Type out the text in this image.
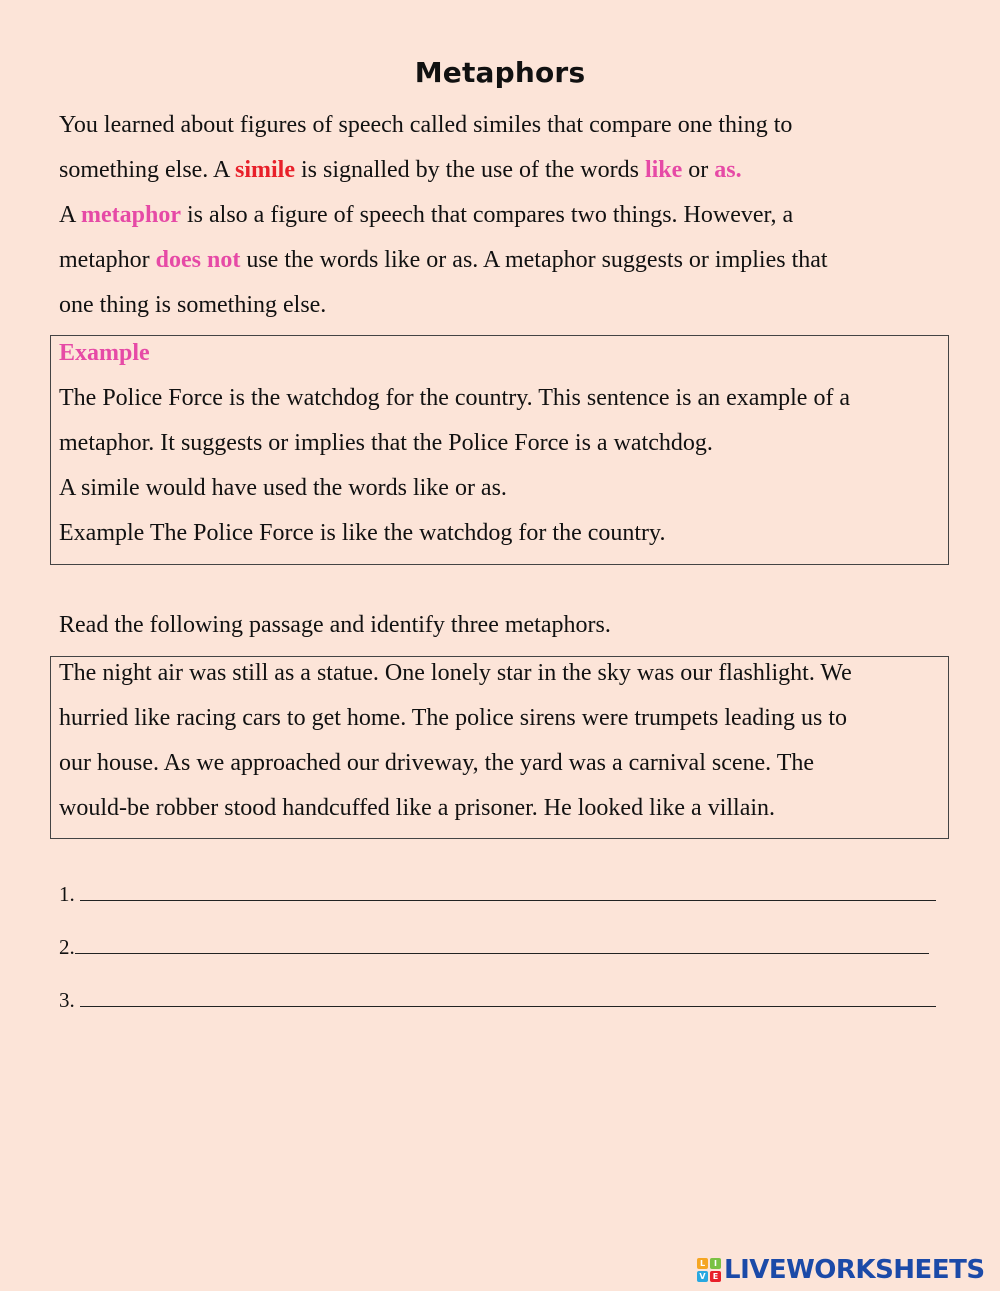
Metaphors
You learned about figures of speech called similes that compare one thing to
something else. A simile is signalled by the use of the words like or as.
A metaphor is also a figure of speech that compares two things. However, a
metaphor does not use the words like or as. A metaphor suggests or implies that
one thing is something else.
Example
The Police Force is the watchdog for the country. This sentence is an example of a
metaphor. It suggests or implies that the Police Force is a watchdog.
A simile would have used the words like or as.
Example The Police Force is like the watchdog for the country.
Read the following passage and identify three metaphors.
The night air was still as a statue. One lonely star in the sky was our flashlight. We
hurried like racing cars to get home. The police sirens were trumpets leading us to
our house. As we approached our driveway, the yard was a carnival scene. The
would-be robber stood handcuffed like a prisoner. He looked like a villain.
1.
2.
3.
L	I
V E LIVEWORKSHEETS
